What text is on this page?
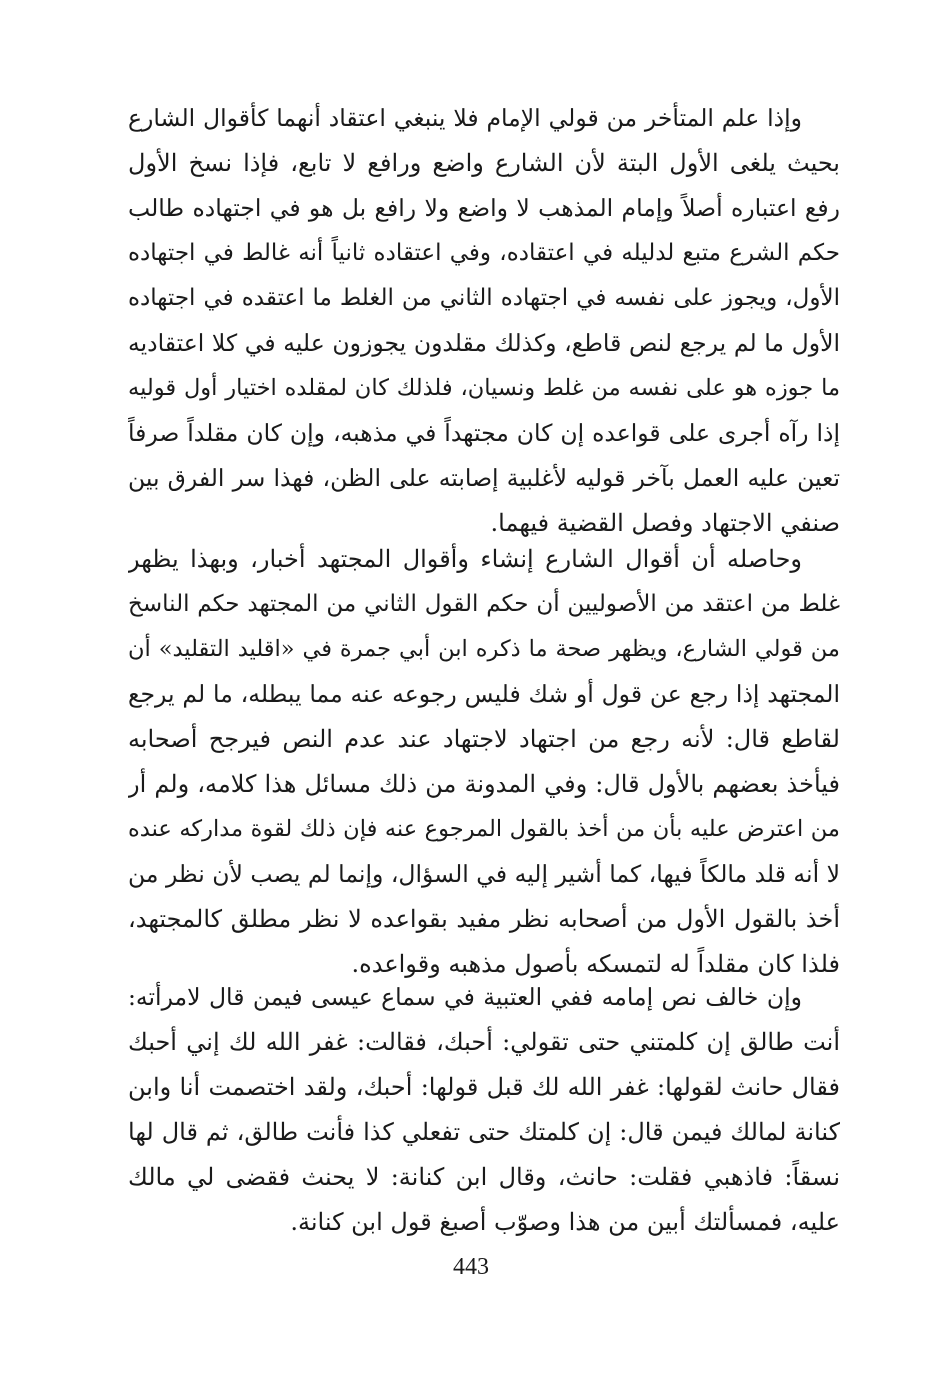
وإذا علم المتأخر من قولي الإمام فلا ينبغي اعتقاد أنهما كأقوال الشارع
بحيث يلغى الأول البتة لأن الشارع واضع ورافع لا تابع، فإذا نسخ الأول
رفع اعتباره أصلاً وإمام المذهب لا واضع ولا رافع بل هو في اجتهاده طالب
حكم الشرع متبع لدليله في اعتقاده، وفي اعتقاده ثانياً أنه غالط في اجتهاده
الأول، ويجوز على نفسه في اجتهاده الثاني من الغلط ما اعتقده في اجتهاده
الأول ما لم يرجع لنص قاطع، وكذلك مقلدون يجوزون عليه في كلا اعتقاديه
ما جوزه هو على نفسه من غلط ونسيان، فلذلك كان لمقلده اختيار أول قوليه
إذا رآه أجرى على قواعده إن كان مجتهداً في مذهبه، وإن كان مقلداً صرفاً
تعين عليه العمل بآخر قوليه لأغلبية إصابته على الظن، فهذا سر الفرق بين
صنفي الاجتهاد وفصل القضية فيهما.
وحاصله أن أقوال الشارع إنشاء وأقوال المجتهد أخبار، وبهذا يظهر
غلط من اعتقد من الأصوليين أن حكم القول الثاني من المجتهد حكم الناسخ
من قولي الشارع، ويظهر صحة ما ذكره ابن أبي جمرة في «اقليد التقليد» أن
المجتهد إذا رجع عن قول أو شك فليس رجوعه عنه مما يبطله، ما لم يرجع
لقاطع قال: لأنه رجع من اجتهاد لاجتهاد عند عدم النص فيرجح أصحابه
فيأخذ بعضهم بالأول قال: وفي المدونة من ذلك مسائل هذا كلامه، ولم أر
من اعترض عليه بأن من أخذ بالقول المرجوع عنه فإن ذلك لقوة مداركه عنده
لا أنه قلد مالكاً فيها، كما أشير إليه في السؤال، وإنما لم يصب لأن نظر من
أخذ بالقول الأول من أصحابه نظر مفيد بقواعده لا نظر مطلق كالمجتهد،
فلذا كان مقلداً له لتمسكه بأصول مذهبه وقواعده.
وإن خالف نص إمامه ففي العتبية في سماع عيسى فيمن قال لامرأته:
أنت طالق إن كلمتني حتى تقولي: أحبك، فقالت: غفر الله لك إني أحبك
فقال حانث لقولها: غفر الله لك قبل قولها: أحبك، ولقد اختصمت أنا وابن
كنانة لمالك فيمن قال: إن كلمتك حتى تفعلي كذا فأنت طالق، ثم قال لها
نسقاً: فاذهبي فقلت: حانث، وقال ابن كنانة: لا يحنث فقضى لي مالك
عليه، فمسألتك أبين من هذا وصوّب أصبغ قول ابن كنانة.
443
